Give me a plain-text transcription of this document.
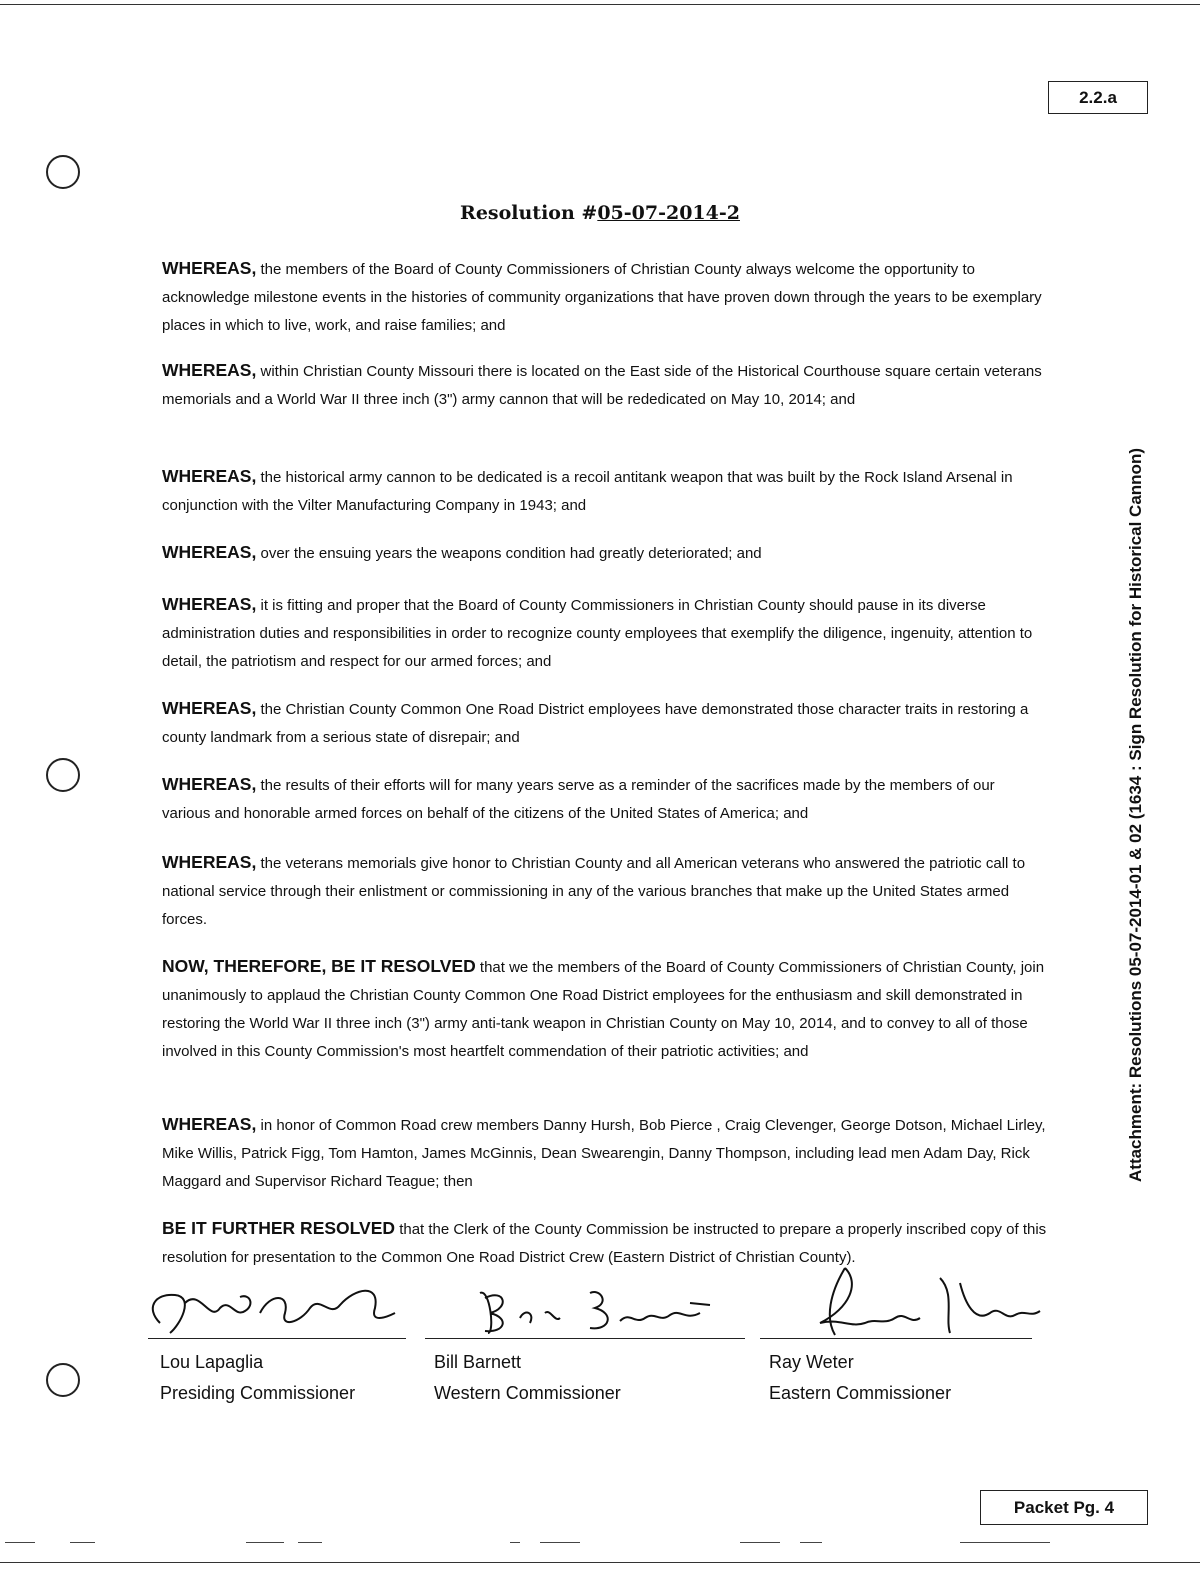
2.2.a
Attachment: Resolutions 05-07-2014-01 & 02 (1634 : Sign Resolution for Historical Cannon)
Resolution #05-07-2014-2

WHEREAS, the members of the Board of County Commissioners of Christian County always welcome the opportunity to acknowledge milestone events in the histories of community organizations that have proven down through the years to be exemplary places in which to live, work, and raise families; and

WHEREAS, within Christian County Missouri there is located on the East side of the Historical Courthouse square certain veterans memorials and a World War II three inch (3") army cannon that will be rededicated on May 10, 2014; and

WHEREAS, the historical army cannon to be dedicated is a recoil antitank weapon that was built by the Rock Island Arsenal in conjunction with the Vilter Manufacturing Company in 1943; and

WHEREAS, over the ensuing years the weapons condition had greatly deteriorated; and

WHEREAS, it is fitting and proper that the Board of County Commissioners in Christian County should pause in its diverse administration duties and responsibilities in order to recognize county employees that exemplify the diligence, ingenuity, attention to detail, the patriotism and respect for our armed forces; and

WHEREAS, the Christian County Common One Road District employees have demonstrated those character traits in restoring a county landmark from a serious state of disrepair; and

WHEREAS, the results of their efforts will for many years serve as a reminder of the sacrifices made by the members of our various and honorable armed forces on behalf of the citizens of the United States of America; and

WHEREAS, the veterans memorials give honor to Christian County and all American veterans who answered the patriotic call to national service through their enlistment or commissioning in any of the various branches that make up the United States armed forces.

NOW, THEREFORE, BE IT RESOLVED that we the members of the Board of County Commissioners of Christian County, join unanimously to applaud the Christian County Common One Road District employees for the enthusiasm and skill demonstrated in restoring the World War II three inch (3") army anti-tank weapon in Christian County on May 10, 2014, and to convey to all of those involved in this County Commission's most heartfelt commendation of their patriotic activities; and

WHEREAS, in honor of Common Road crew members Danny Hursh, Bob Pierce , Craig Clevenger, George Dotson, Michael Lirley, Mike Willis, Patrick Figg, Tom Hamton, James McGinnis, Dean Swearengin, Danny Thompson, including lead men Adam Day, Rick Maggard and Supervisor Richard Teague; then

BE IT FURTHER RESOLVED that the Clerk of the County Commission be instructed to prepare a properly inscribed copy of this resolution for presentation to the Common One Road District Crew (Eastern District of Christian County).

Lou Lapaglia
Presiding Commissioner
Bill Barnett
Western Commissioner
Ray Weter
Eastern Commissioner
Packet Pg. 4
